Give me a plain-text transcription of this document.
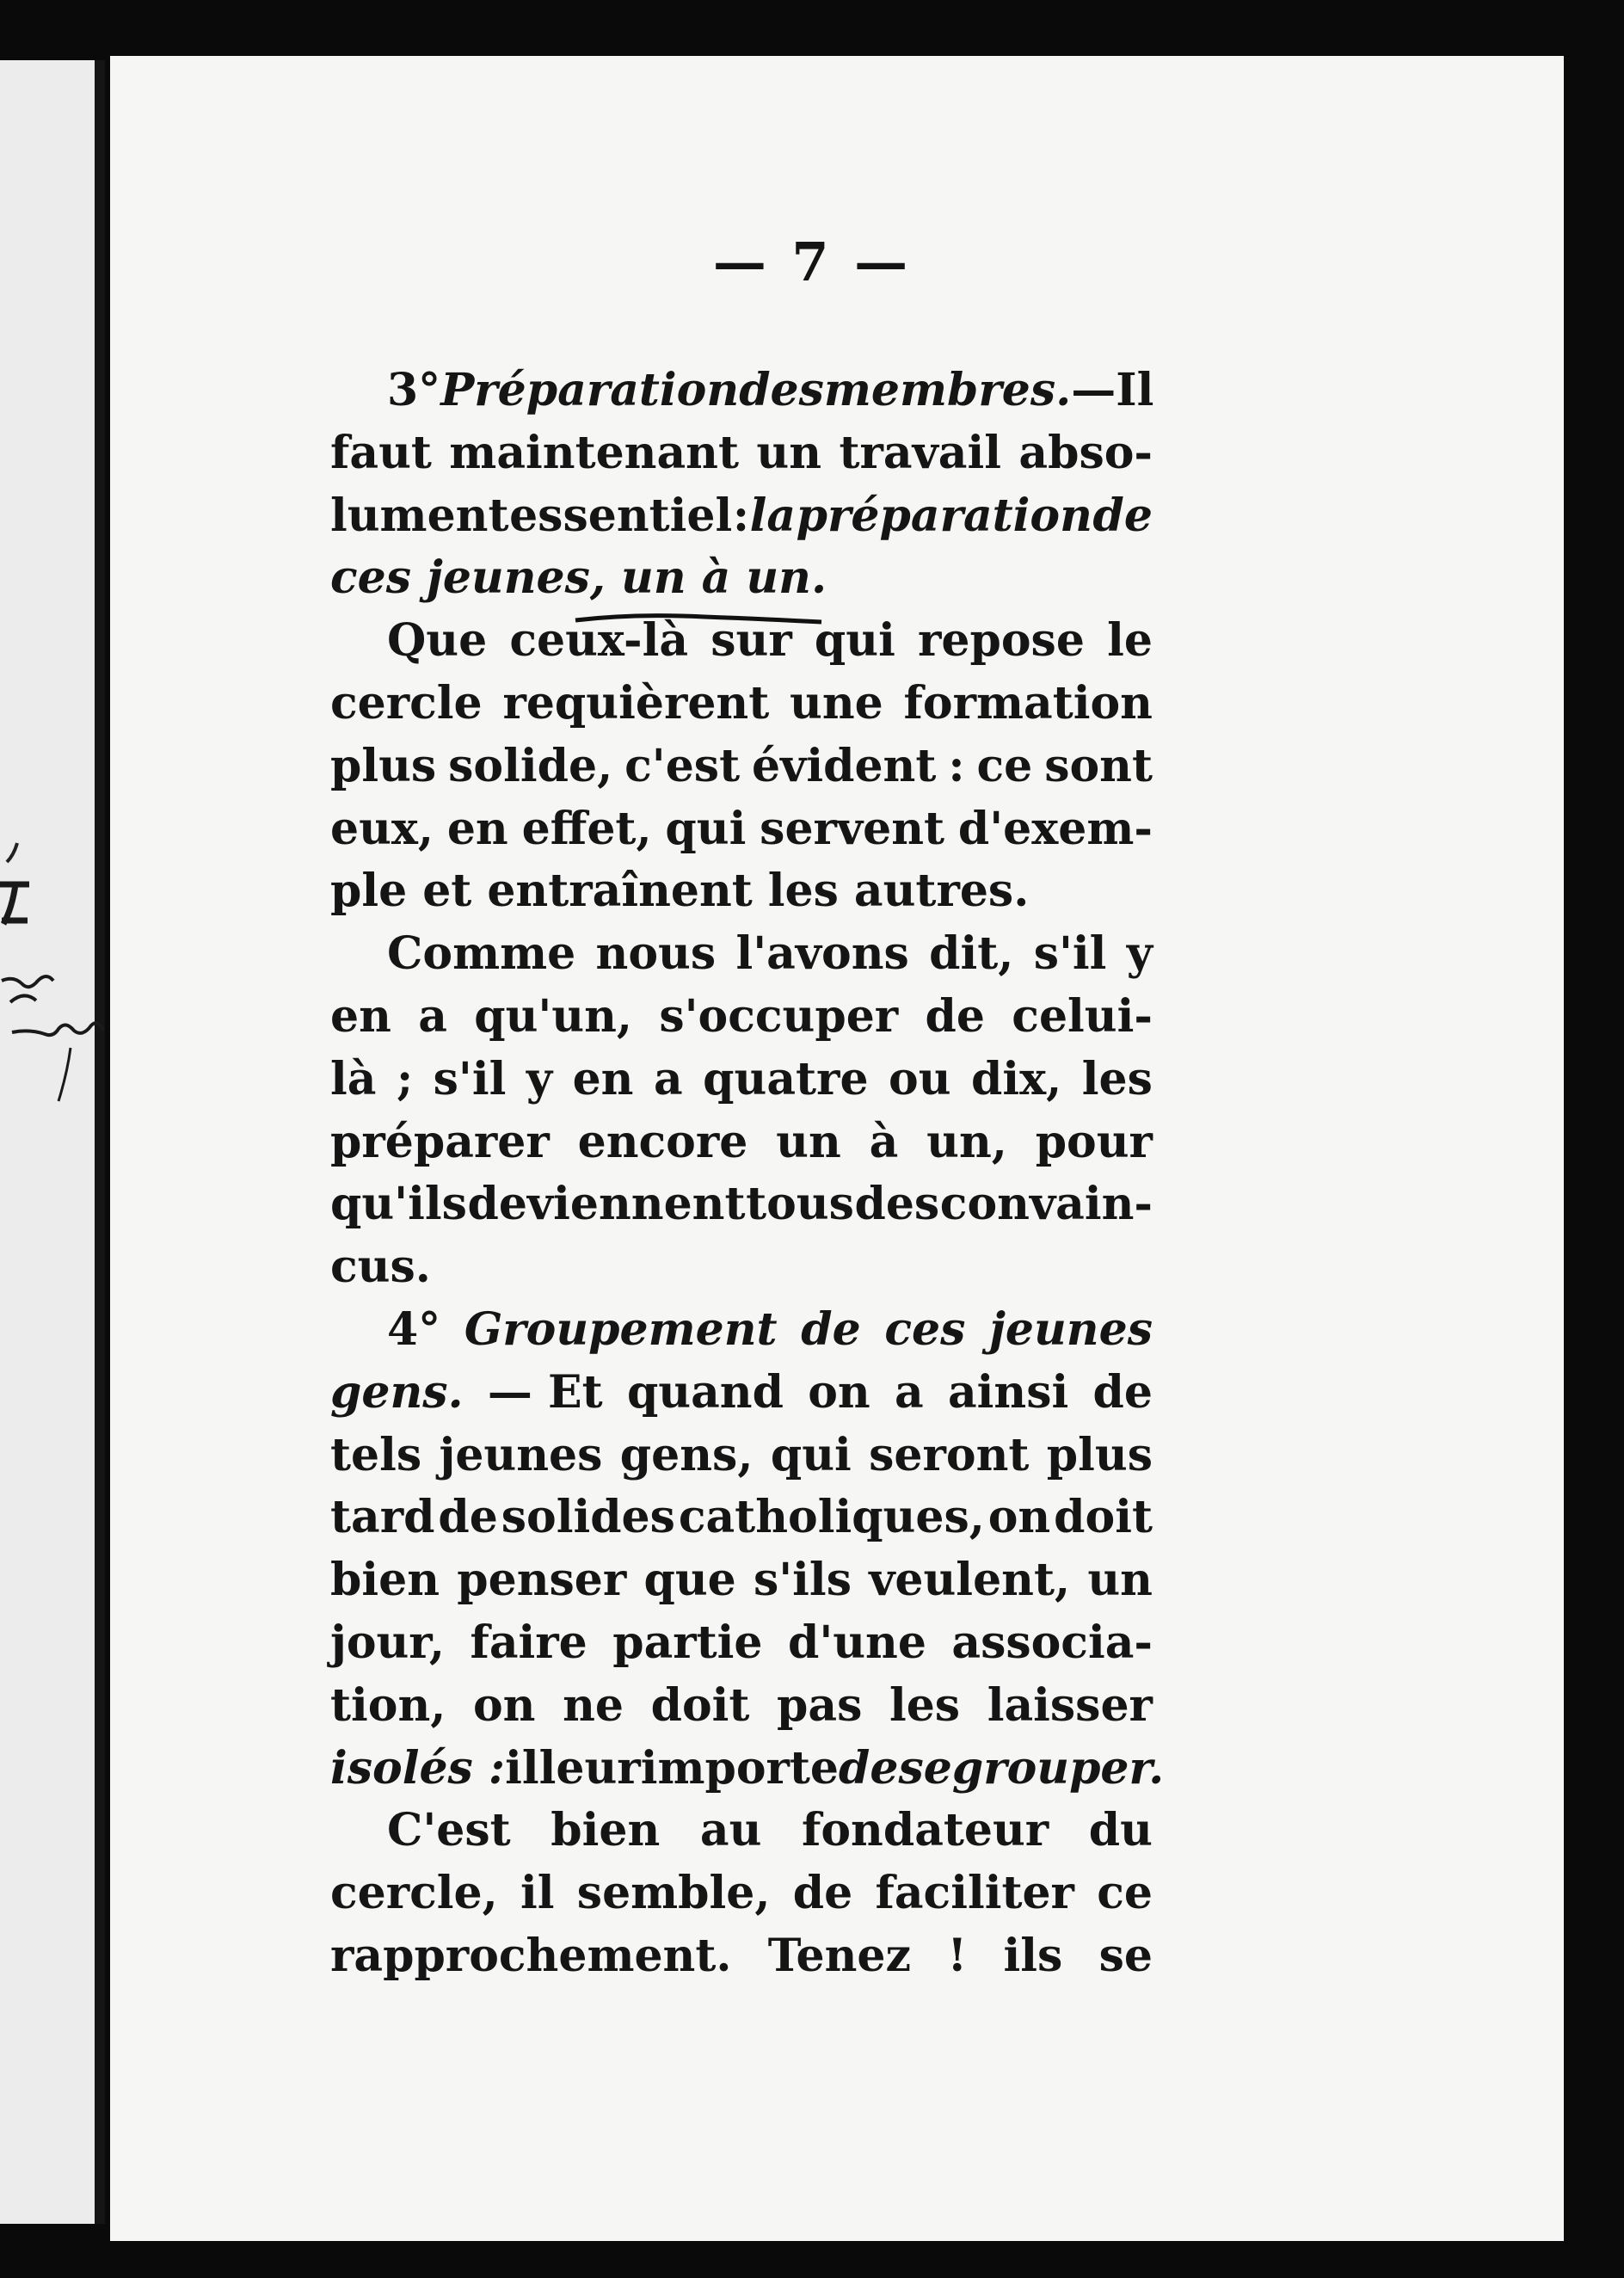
— 7 —
3° Préparation des membres. —Il
faut maintenant un travail abso-
lument essentiel : la préparation de
ces jeunes, un à un.
Que ceux-là sur qui repose le
cercle requièrent une formation
plus solide, c'est évident : ce sont
eux, en effet, qui servent d'exem-
ple et entraînent les autres.
Comme nous l'avons dit, s'il y
en a qu'un, s'occuper de celui-
là ; s'il y en a quatre ou dix, les
préparer encore un à un, pour
qu'ils deviennent tous des convain-
cus.
4° Groupement de ces jeunes
gens. — Et quand on a ainsi de
tels jeunes gens, qui seront plus
tard de solides catholiques, on doit
bien penser que s'ils veulent, un
jour, faire partie d'une associa-
tion, on ne doit pas les laisser
isolés : il leur importe de se grouper.
C'est bien au fondateur du
cercle, il semble, de faciliter ce
rapprochement. Tenez ! ils se
